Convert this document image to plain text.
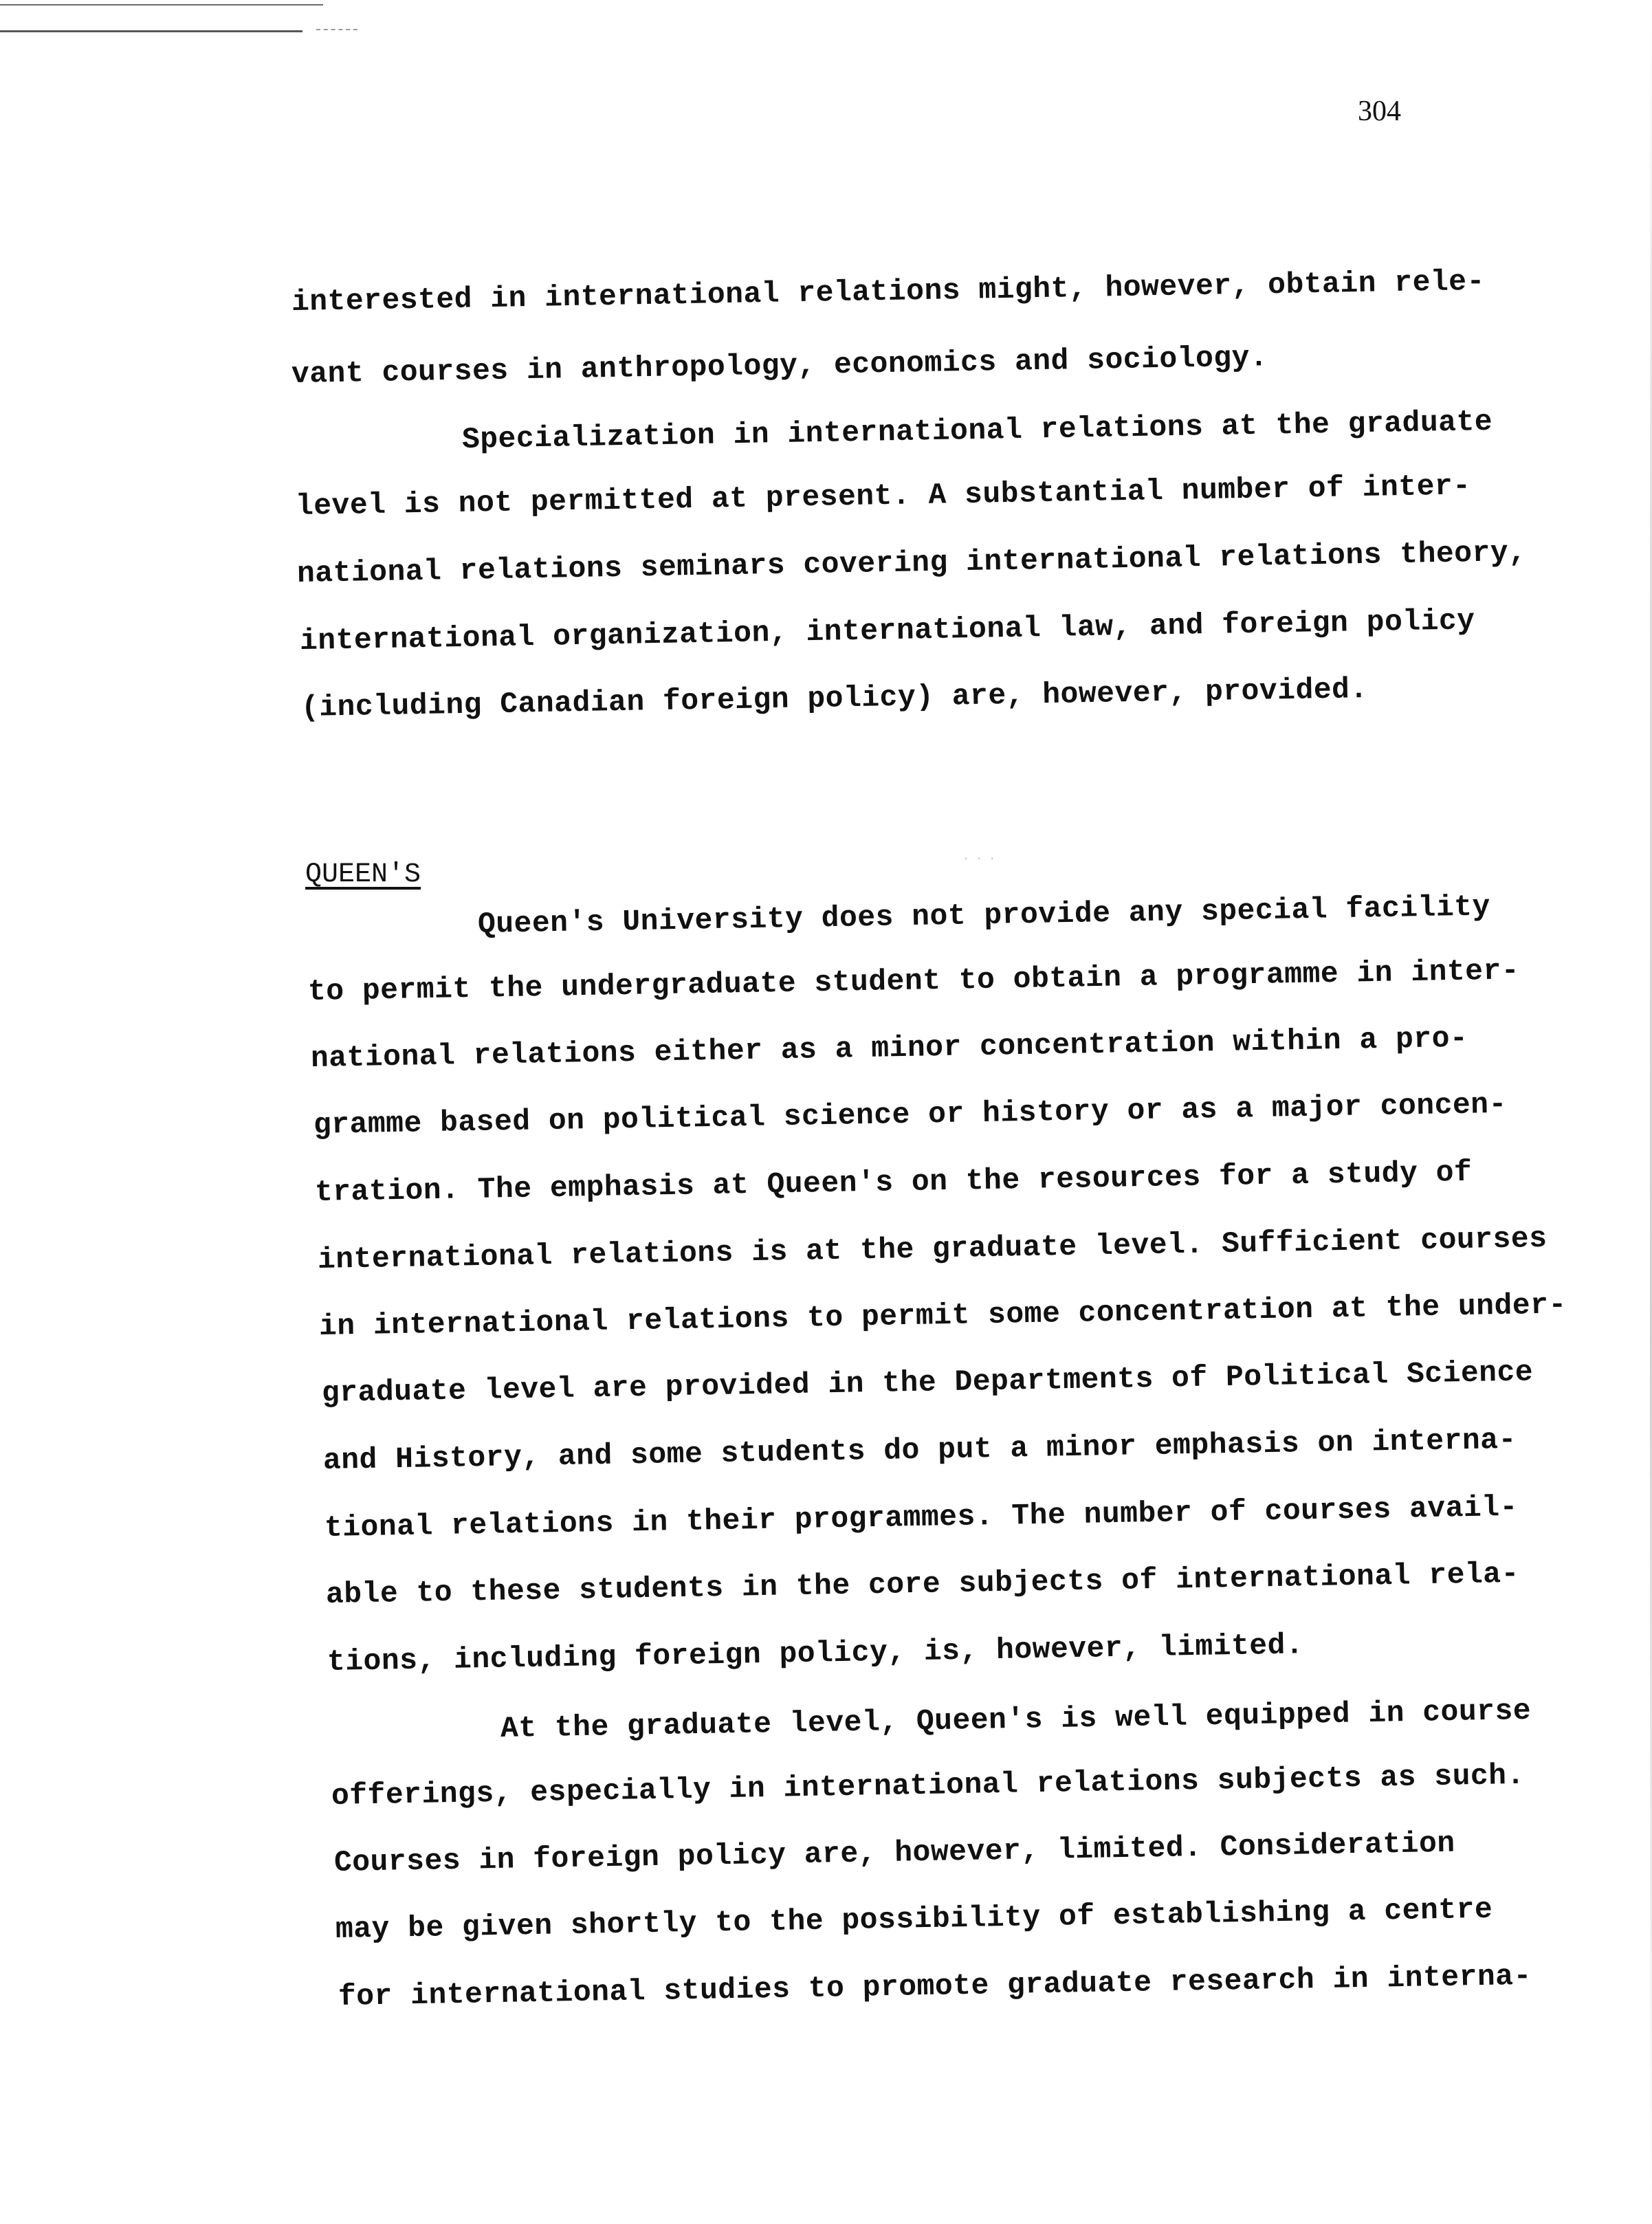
304
interested in international relations might, however, obtain rele-
vant courses in anthropology, economics and sociology.
Specialization in international relations at the graduate
level is not permitted at present. A substantial number of inter-
national relations seminars covering international relations theory,
international organization, international law, and foreign policy
(including Canadian foreign policy) are, however, provided.
QUEEN'S
· · ·
Queen's University does not provide any special facility
to permit the undergraduate student to obtain a programme in inter-
national relations either as a minor concentration within a pro-
gramme based on political science or history or as a major concen-
tration. The emphasis at Queen's on the resources for a study of
international relations is at the graduate level. Sufficient courses
in international relations to permit some concentration at the under-
graduate level are provided in the Departments of Political Science
and History, and some students do put a minor emphasis on interna-
tional relations in their programmes. The number of courses avail-
able to these students in the core subjects of international rela-
tions, including foreign policy, is, however, limited.
At the graduate level, Queen's is well equipped in course
offerings, especially in international relations subjects as such.
Courses in foreign policy are, however, limited. Consideration
may be given shortly to the possibility of establishing a centre
for international studies to promote graduate research in interna-
